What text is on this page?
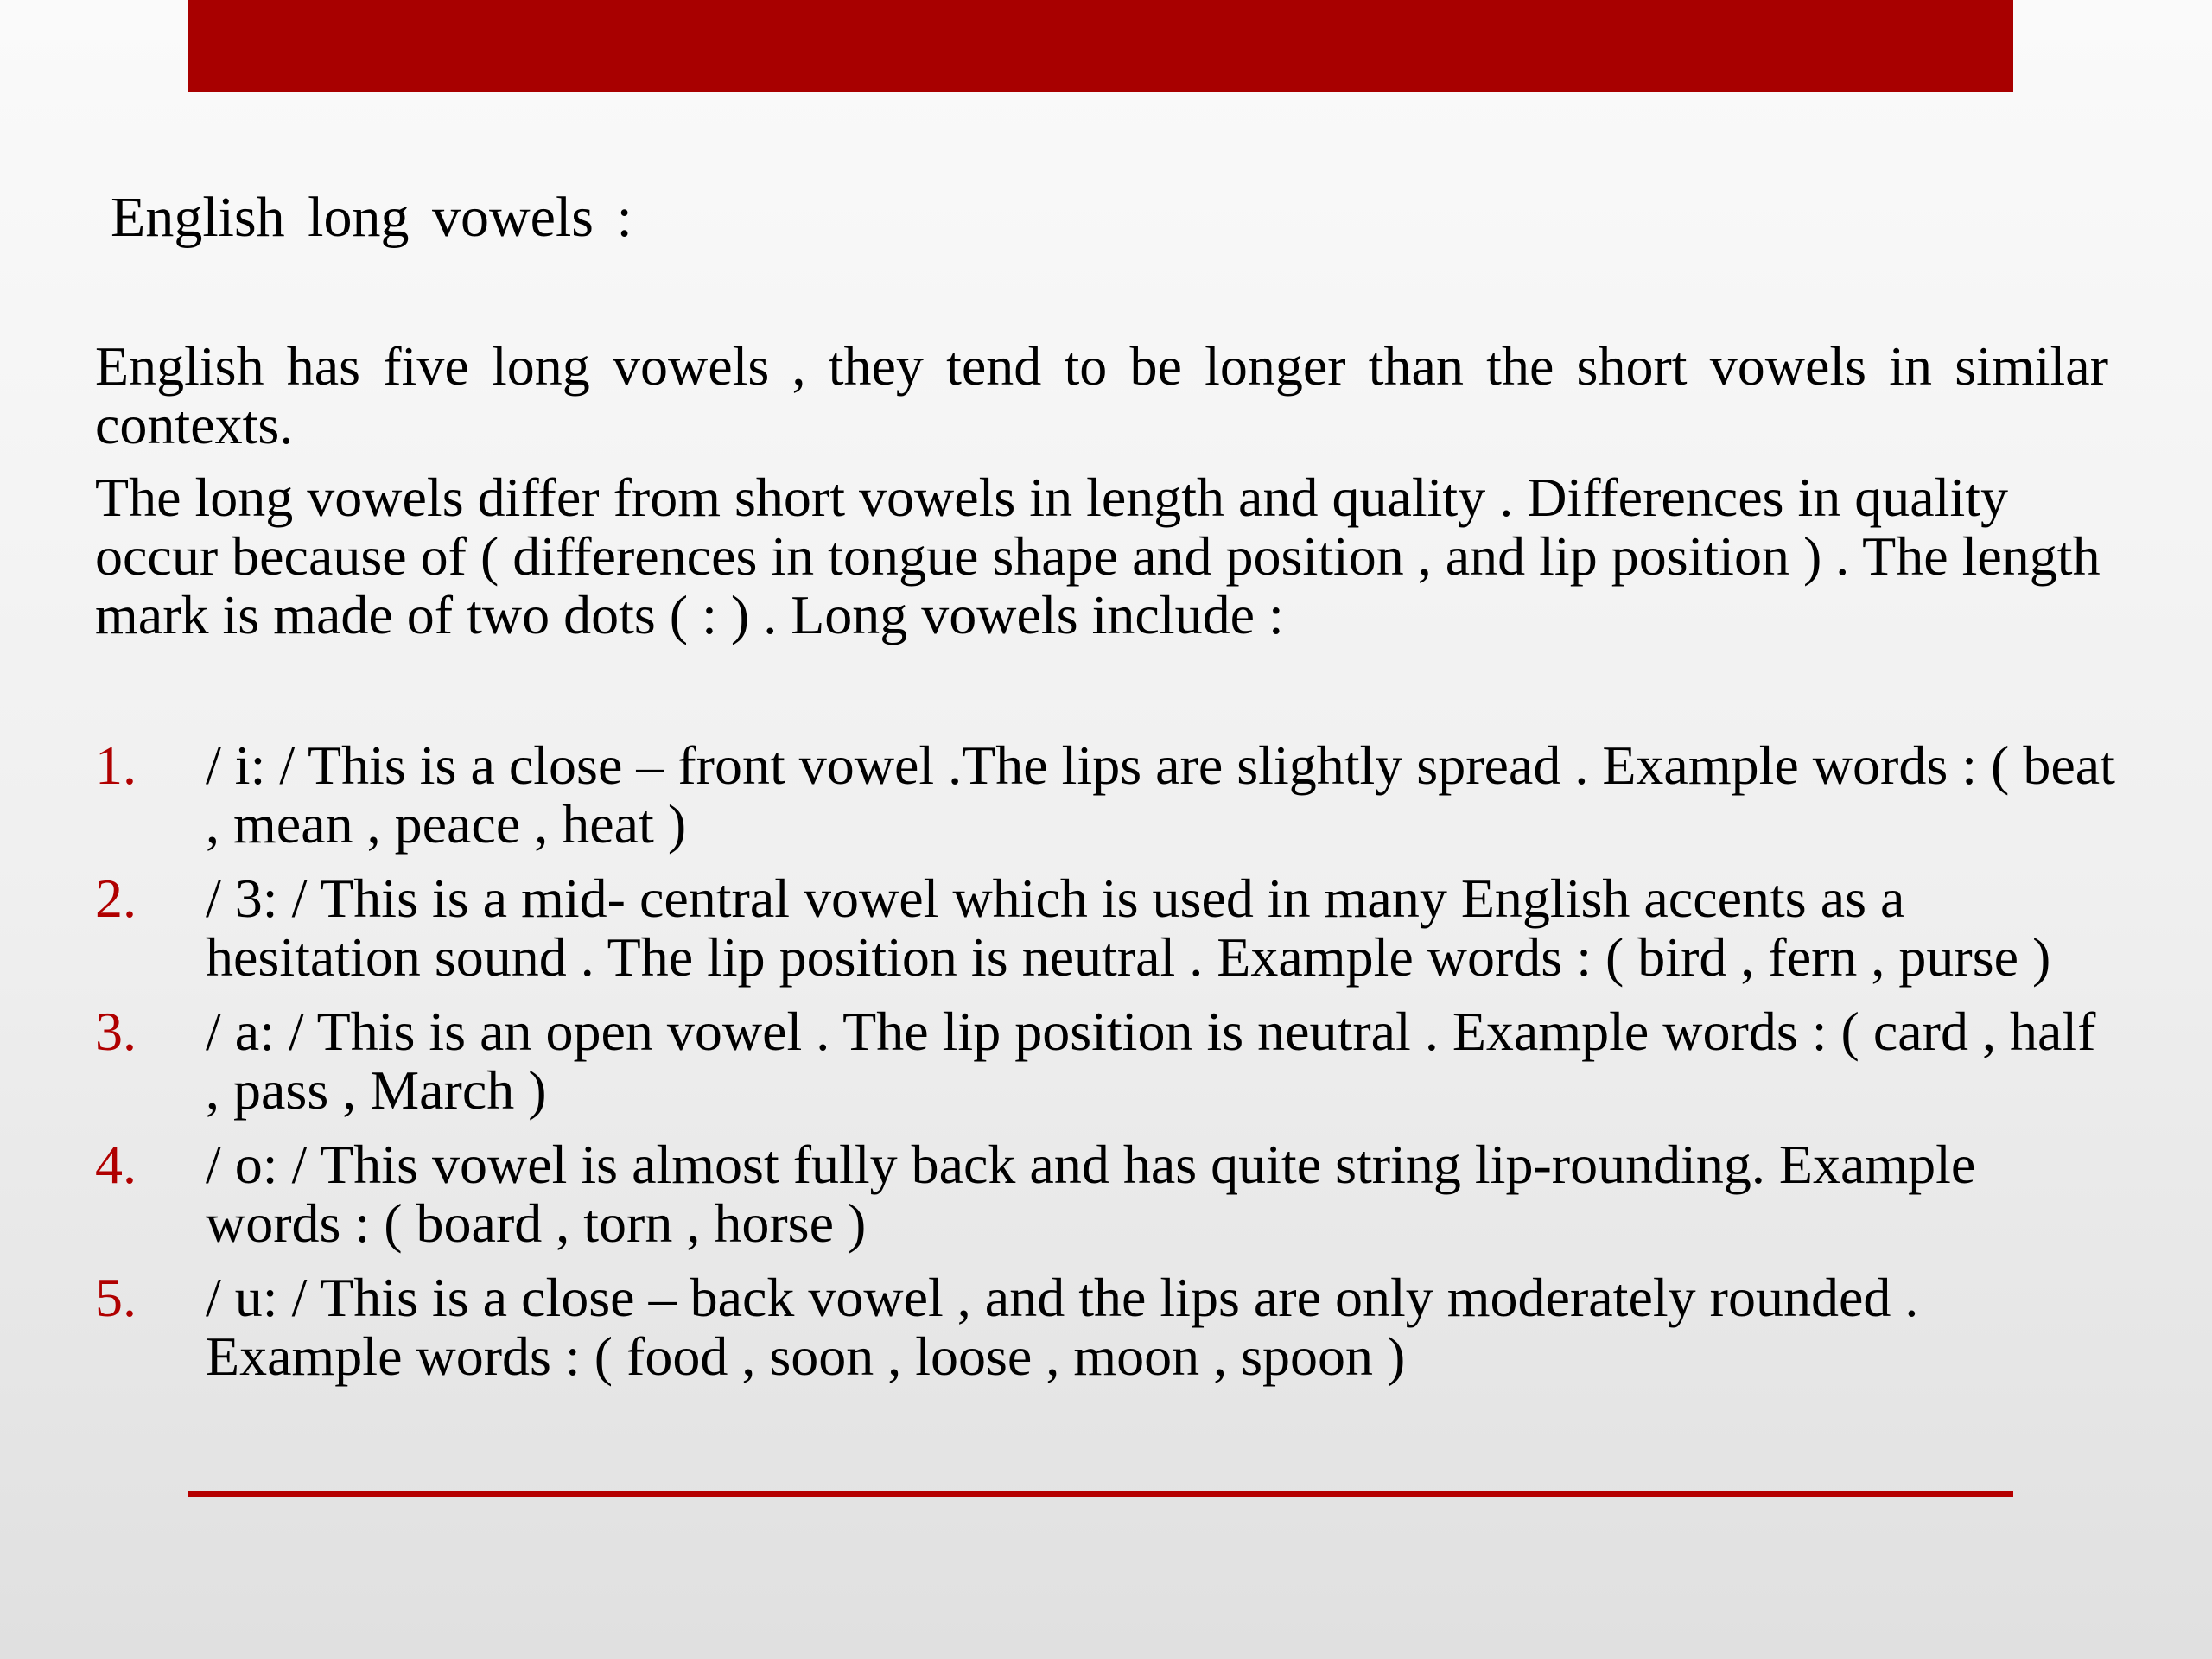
English long vowels :
English has five long vowels , they tend to be longer than the short vowels in similar contexts.
The long vowels differ from short vowels in length and quality . Differences in quality occur because of ( differences in tongue shape and position , and lip position ) . The length mark is made of two dots ( : ) . Long vowels include :
1.	/ i: / This is a close – front vowel .The lips are slightly spread . Example words : ( beat , mean , peace , heat )
2.	/ 3: / This is a mid- central vowel which is used in many English accents as a hesitation sound . The lip position is neutral . Example words : ( bird , fern , purse )
3.	/ a: / This is an open vowel . The lip position is neutral . Example words : ( card , half , pass , March )
4.	/ o: / This vowel is almost fully back and has quite string lip-rounding. Example words : ( board , torn , horse )
5.	/ u: / This is a close – back vowel , and the lips are only moderately rounded . Example words : ( food , soon , loose , moon , spoon )
